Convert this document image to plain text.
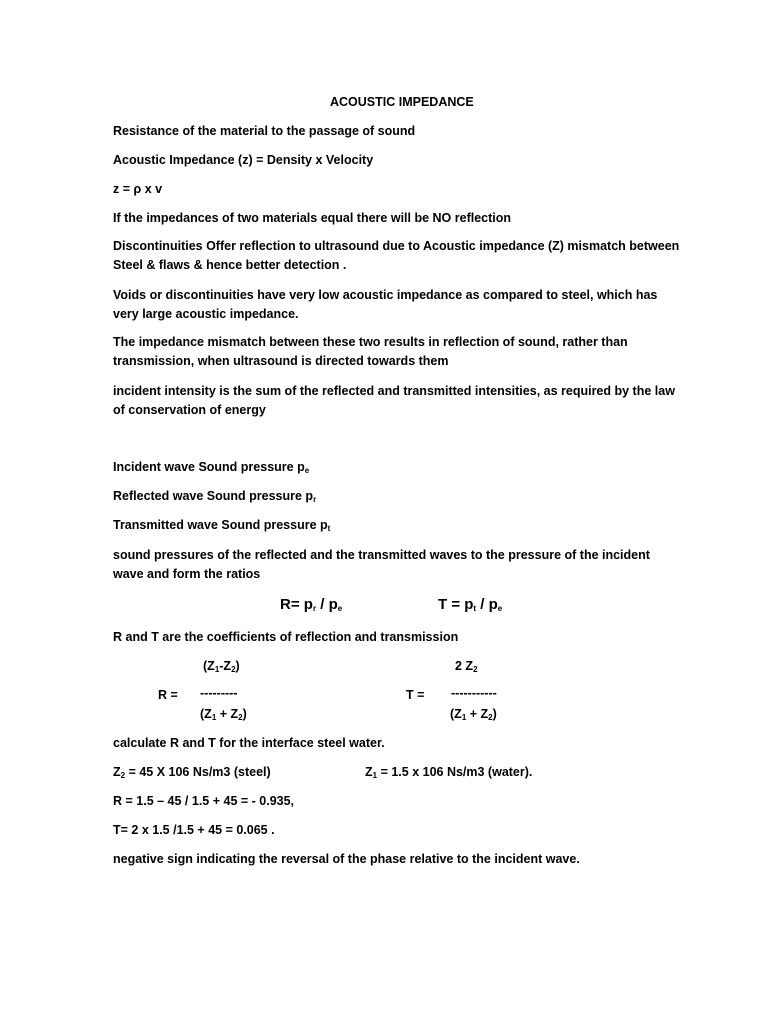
ACOUSTIC IMPEDANCE
Resistance of the material to the passage of sound
Acoustic Impedance (z) = Density x Velocity
z = ρ x v
If the impedances of two materials equal there will be NO reflection
Discontinuities Offer reflection to ultrasound due to Acoustic impedance (Z) mismatch between Steel & flaws & hence better detection .
Voids or discontinuities have very low acoustic impedance as compared to steel, which has very large acoustic impedance.
The impedance mismatch between these two results in reflection of sound, rather than transmission, when ultrasound is directed towards them
incident intensity is the sum of the reflected and transmitted intensities, as required by the law of conservation of energy
Incident wave Sound pressure $p_e$
Reflected wave Sound pressure $p_r$
Transmitted wave Sound pressure $p_t$
sound pressures of the reflected and the transmitted waves to the pressure of the incident wave and form the ratios
$R= p_r / p_e$	$T = p_t / p_e$
R and T are the coefficients of reflection and transmission
$(Z_1-Z_2)$
R = ---------
$(Z_1 + Z_2)$
2 $Z_2$
T = -----------
$(Z_1 + Z_2)$
calculate R and T for the interface steel water.
$Z_2 = 45$ X 106 Ns/m3 (steel)	$Z_1 = 1.5$ x 106 Ns/m3 (water).
R = 1.5 – 45 / 1.5 + 45 = - 0.935,
T= 2 x 1.5 /1.5 + 45 = 0.065 .
negative sign indicating the reversal of the phase relative to the incident wave.
